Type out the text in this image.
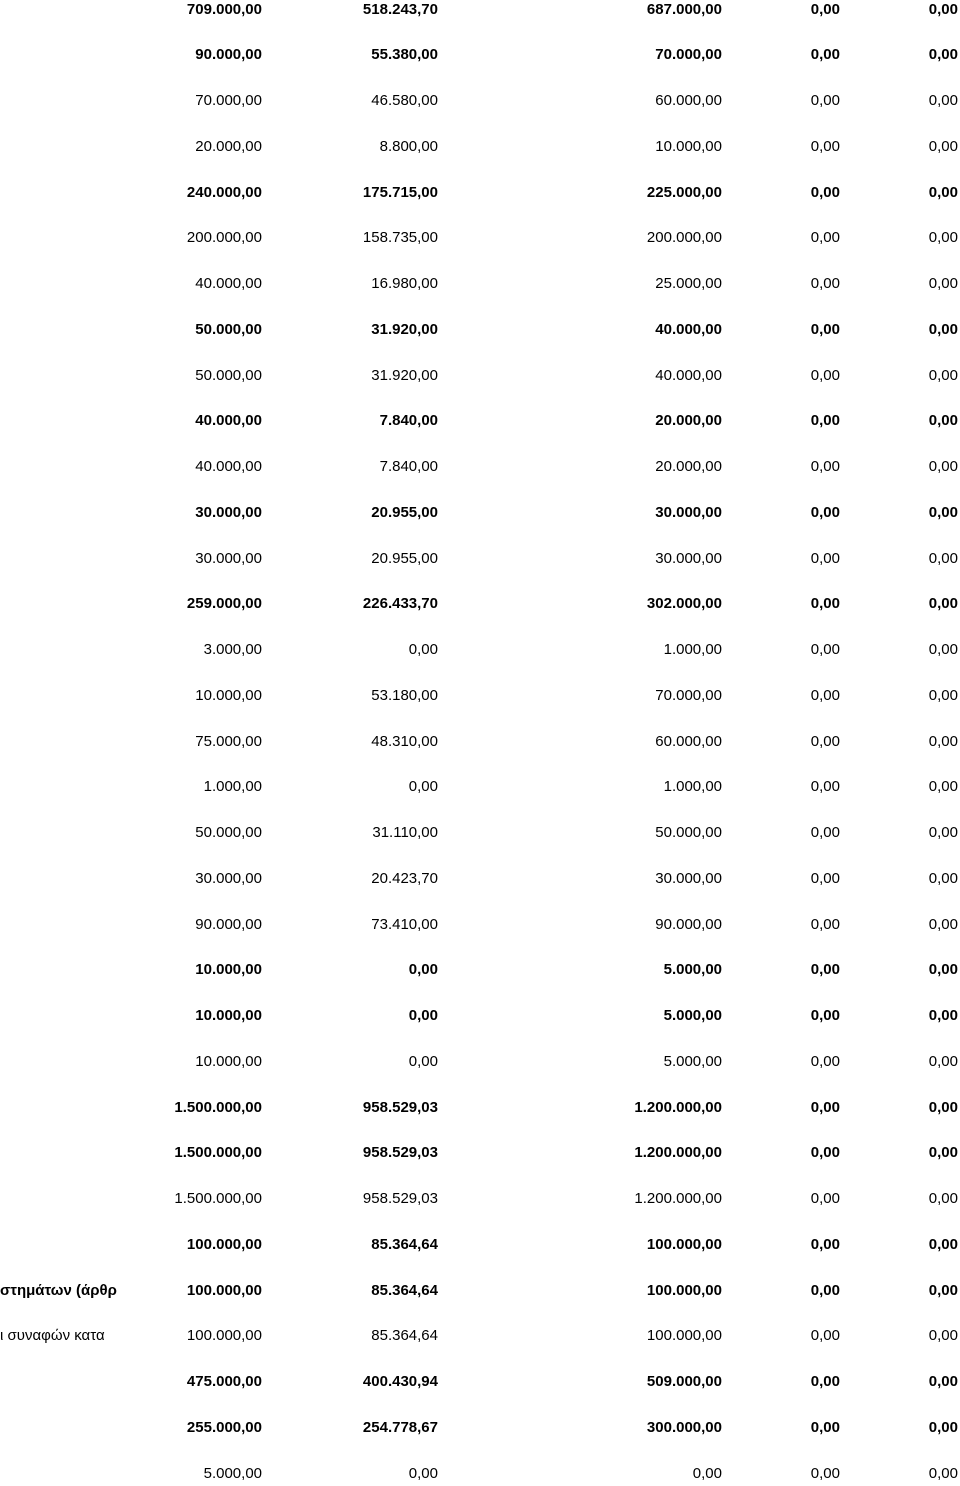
709.000,00	518.243,70	687.000,00	0,00	0,00
90.000,00	55.380,00	70.000,00	0,00	0,00
70.000,00	46.580,00	60.000,00	0,00	0,00
20.000,00	8.800,00	10.000,00	0,00	0,00
240.000,00	175.715,00	225.000,00	0,00	0,00
200.000,00	158.735,00	200.000,00	0,00	0,00
40.000,00	16.980,00	25.000,00	0,00	0,00
50.000,00	31.920,00	40.000,00	0,00	0,00
50.000,00	31.920,00	40.000,00	0,00	0,00
40.000,00	7.840,00	20.000,00	0,00	0,00
40.000,00	7.840,00	20.000,00	0,00	0,00
30.000,00	20.955,00	30.000,00	0,00	0,00
30.000,00	20.955,00	30.000,00	0,00	0,00
259.000,00	226.433,70	302.000,00	0,00	0,00
3.000,00	0,00	1.000,00	0,00	0,00
10.000,00	53.180,00	70.000,00	0,00	0,00
75.000,00	48.310,00	60.000,00	0,00	0,00
1.000,00	0,00	1.000,00	0,00	0,00
50.000,00	31.110,00	50.000,00	0,00	0,00
30.000,00	20.423,70	30.000,00	0,00	0,00
90.000,00	73.410,00	90.000,00	0,00	0,00
10.000,00	0,00	5.000,00	0,00	0,00
10.000,00	0,00	5.000,00	0,00	0,00
10.000,00	0,00	5.000,00	0,00	0,00
1.500.000,00	958.529,03	1.200.000,00	0,00	0,00
1.500.000,00	958.529,03	1.200.000,00	0,00	0,00
1.500.000,00	958.529,03	1.200.000,00	0,00	0,00
100.000,00	85.364,64	100.000,00	0,00	0,00
στημάτων (άρθρ	100.000,00	85.364,64	100.000,00	0,00	0,00
ι συναφών κατα	100.000,00	85.364,64	100.000,00	0,00	0,00
475.000,00	400.430,94	509.000,00	0,00	0,00
255.000,00	254.778,67	300.000,00	0,00	0,00
5.000,00	0,00	0,00	0,00	0,00
